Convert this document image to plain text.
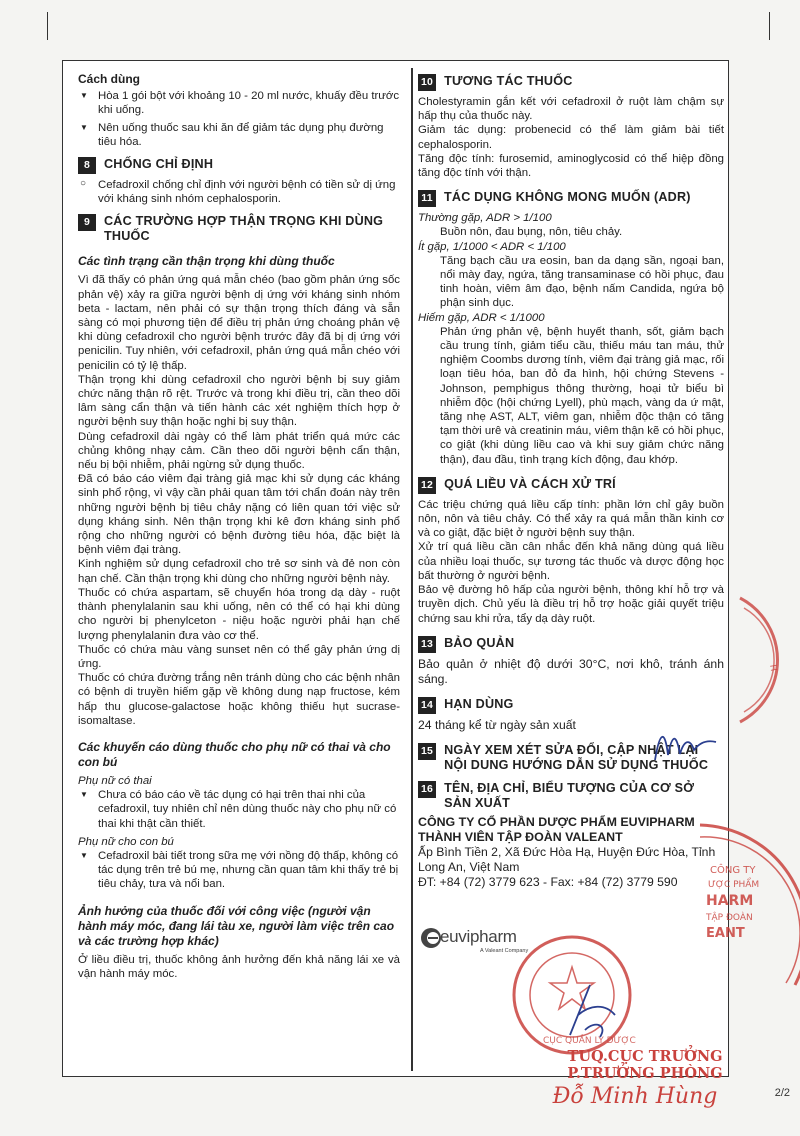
Cách dùng
▼ Hòa 1 gói bột với khoảng 10 - 20 ml nước, khuấy đều trước khi uống.
▼ Nên uống thuốc sau khi ăn để giảm tác dụng phụ đường tiêu hóa.
8	CHỐNG CHỈ ĐỊNH
○ Cefadroxil chống chỉ định với người bệnh có tiền sử dị ứng với kháng sinh nhóm cephalosporin.
9	CÁC TRƯỜNG HỢP THẬN TRỌNG KHI DÙNG THUỐC
Các tình trạng cần thận trọng khi dùng thuốc

Vì đã thấy có phản ứng quá mẫn chéo (bao gồm phản ứng sốc phản vệ) xảy ra giữa người bệnh dị ứng với kháng sinh nhóm beta - lactam, nên phải có sự thận trọng thích đáng và sẵn sàng có mọi phương tiện để điều trị phản ứng choáng phản vệ khi dùng cefadroxil cho người bệnh trước đây đã bị dị ứng với penicilin. Tuy nhiên, với cefadroxil, phản ứng quá mẫn chéo với penicilin có tỷ lệ thấp.

Thận trọng khi dùng cefadroxil cho người bệnh bị suy giảm chức năng thận rõ rệt. Trước và trong khi điều trị, cần theo dõi lâm sàng cẩn thận và tiến hành các xét nghiệm thích hợp ở người bệnh suy thận hoặc nghi bị suy thận.

Dùng cefadroxil dài ngày có thể làm phát triển quá mức các chủng không nhạy cảm. Cần theo dõi người bệnh cẩn thận, nếu bị bội nhiễm, phải ngừng sử dụng thuốc.

Đã có báo cáo viêm đại tràng giả mạc khi sử dụng các kháng sinh phổ rộng, vì vậy cần phải quan tâm tới chẩn đoán này trên những người bệnh bị tiêu chảy nặng có liên quan tới việc sử dụng kháng sinh. Nên thận trọng khi kê đơn kháng sinh phổ rộng cho những người có bệnh đường tiêu hóa, đặc biệt là bệnh viêm đại tràng.

Kinh nghiệm sử dụng cefadroxil cho trẻ sơ sinh và đẻ non còn hạn chế. Cần thận trọng khi dùng cho những người bệnh này.

Thuốc có chứa aspartam, sẽ chuyển hóa trong dạ dày - ruột thành phenylalanin sau khi uống, nên có thể có hại khi dùng cho người bị phenylceton - niệu hoặc người phải hạn chế lượng phenylalanin đưa vào cơ thể.

Thuốc có chứa màu vàng sunset nên có thể gây phản ứng dị ứng.

Thuốc có chứa đường trắng nên tránh dùng cho các bệnh nhân có bệnh di truyền hiếm gặp về không dung nạp fructose, kém hấp thu glucose-galactose hoặc không thiếu hụt sucrase-isomaltase.

Các khuyến cáo dùng thuốc cho phụ nữ có thai và cho con bú
Phụ nữ có thai
▼ Chưa có báo cáo về tác dụng có hại trên thai nhi của cefadroxil, tuy nhiên chỉ nên dùng thuốc này cho phụ nữ có thai khi thật cần thiết.
Phụ nữ cho con bú
▼ Cefadroxil bài tiết trong sữa mẹ với nồng độ thấp, không có tác dụng trên trẻ bú mẹ, nhưng cần quan tâm khi thấy trẻ bị tiêu chảy, tưa và nổi ban.
Ảnh hưởng của thuốc đối với công việc (người vận hành máy móc, đang lái tàu xe, người làm việc trên cao và các trường hợp khác)

Ở liều điều trị, thuốc không ảnh hưởng đến khả năng lái xe và vận hành máy móc.

10 TƯƠNG TÁC THUỐC

Cholestyramin gắn kết với cefadroxil ở ruột làm chậm sự hấp thụ của thuốc này.

Giảm tác dụng: probenecid có thể làm giảm bài tiết cephalosporin.

Tăng độc tính: furosemid, aminoglycosid có thể hiệp đồng tăng độc tính với thận.

11 TÁC DỤNG KHÔNG MONG MUỐN (ADR)
Thường gặp, ADR > 1/100

Buồn nôn, đau bụng, nôn, tiêu chảy.

Ít gặp, 1/1000 < ADR < 1/100

Tăng bạch cầu ưa eosin, ban da dạng sần, ngoại ban, nổi mày đay, ngứa, tăng transaminase có hồi phục, đau tinh hoàn, viêm âm đạo, bệnh nấm Candida, ngứa bộ phận sinh dục.

Hiếm gặp, ADR < 1/1000

Phản ứng phản vệ, bệnh huyết thanh, sốt, giảm bạch cầu trung tính, giảm tiểu cầu, thiếu máu tan máu, thử nghiệm Coombs dương tính, viêm đại tràng giả mạc, rối loạn tiêu hóa, ban đỏ đa hình, hội chứng Stevens - Johnson, pemphigus thông thường, hoại tử biểu bì nhiễm độc (hội chứng Lyell), phù mạch, vàng da ứ mật, tăng nhẹ AST, ALT, viêm gan, nhiễm độc thận có tăng tạm thời urê và creatinin máu, viêm thận kẽ có hồi phục, co giật (khi dùng liều cao và khi suy giảm chức năng thận), đau đầu, tình trạng kích động, đau khớp.

12 QUÁ LIỀU VÀ CÁCH XỬ TRÍ

Các triệu chứng quá liều cấp tính: phần lớn chỉ gây buồn nôn, nôn và tiêu chảy. Có thể xảy ra quá mẫn thần kinh cơ và co giật, đặc biệt ở người bệnh suy thận.

Xử trí quá liều cần cân nhắc đến khả năng dùng quá liều của nhiều loại thuốc, sự tương tác thuốc và dược động học bất thường ở người bệnh.

Bảo vệ đường hô hấp của người bệnh, thông khí hỗ trợ và truyền dịch. Chủ yếu là điều trị hỗ trợ hoặc giải quyết triệu chứng sau khi rửa, tẩy dạ dày ruột.

13 BẢO QUẢN

Bảo quản ở nhiệt độ dưới 30°C, nơi khô, tránh ánh sáng.

14 HẠN DÙNG

24 tháng kể từ ngày sản xuất

15 NGÀY XEM XÉT SỬA ĐỔI, CẬP NHẬT LẠI NỘI DUNG HƯỚNG DẪN SỬ DỤNG THUỐC
16 TÊN, ĐỊA CHỈ, BIỂU TƯỢNG CỦA CƠ SỞ SẢN XUẤT
CÔNG TY CỔ PHẦN DƯỢC PHẨM EUVIPHARM THÀNH VIÊN TẬP ĐOÀN VALEANT
Ấp Bình Tiền 2, Xã Đức Hòa Hạ, Huyện Đức Hòa, Tỉnh Long An, Việt Nam
ĐT: +84 (72) 3779 623 - Fax: +84 (72) 3779 590
euvipharm
A Valeant Company
H
CÔNG TY
ƯỢC PHẨM
HARM
TẬP ĐOÀN
EANT
CỤC QUẢN LÝ DƯỢC
TUQ.CỤC TRƯỞNG
P.TRƯỞNG PHÒNG
Đỗ Minh Hùng	2/2
